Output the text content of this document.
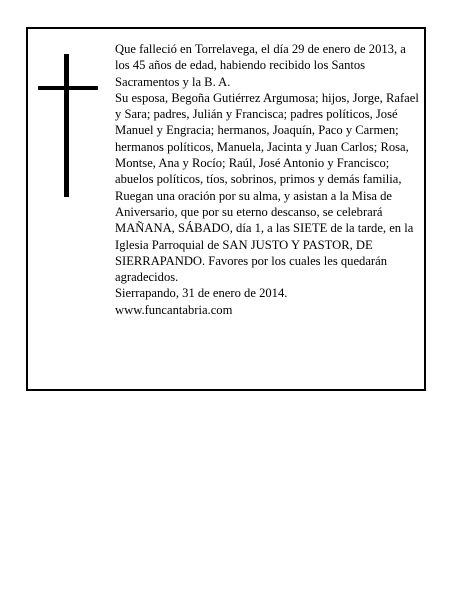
Que falleció en Torrelavega, el día 29 de enero de 2013, a los 45 años de edad, habiendo recibido los Santos Sacramentos y la B. A.

Su esposa, Begoña Gutiérrez Argumosa; hijos, Jorge, Rafael y Sara; padres, Julián y Francisca; padres políticos, José Manuel y Engracia; hermanos, Joaquín, Paco y Carmen; hermanos políticos, Manuela, Jacinta y Juan Carlos; Rosa, Montse, Ana y Rocío; Raúl, José Antonio y Francisco; abuelos políticos, tíos, sobrinos, primos y demás familia,

Ruegan una oración por su alma, y asistan a la Misa de Aniversario, que por su eterno descanso, se celebrará MAÑANA, SÁBADO, día 1, a las SIETE de la tarde, en la Iglesia Parroquial de SAN JUSTO Y PASTOR, DE SIERRAPANDO. Favores por los cuales les quedarán agradecidos.

Sierrapando, 31 de enero de 2014.

www.funcantabria.com
